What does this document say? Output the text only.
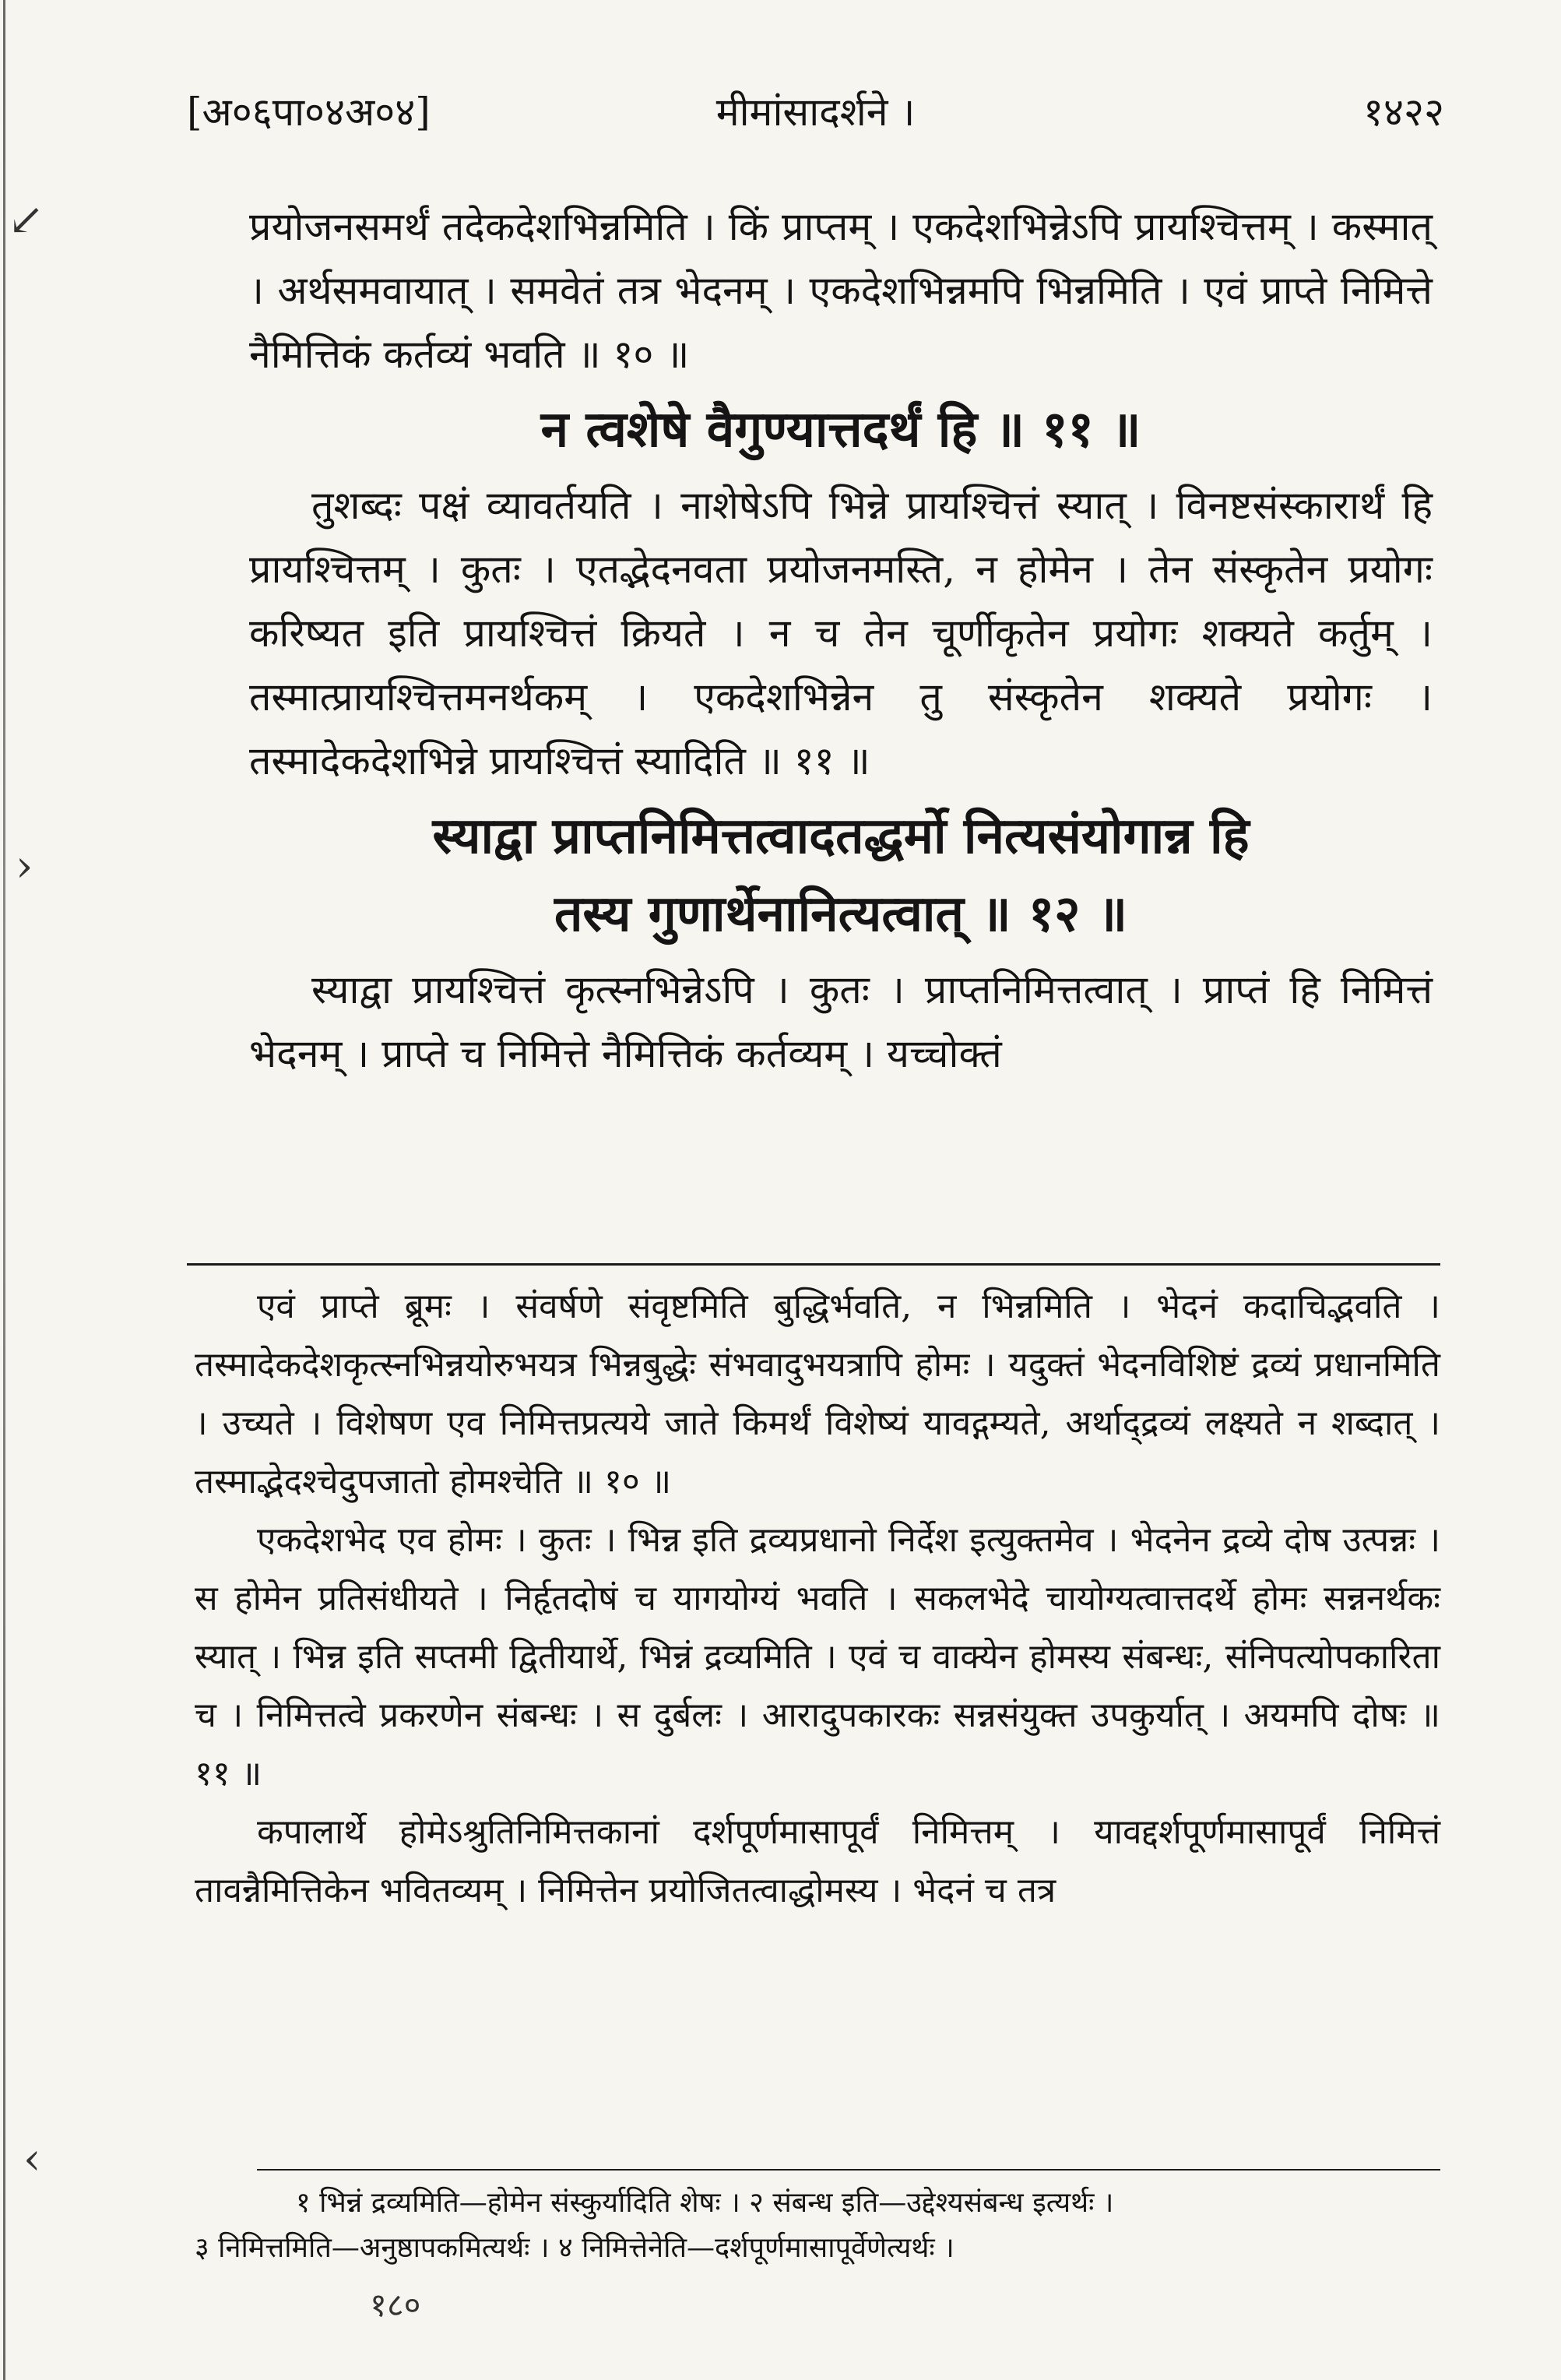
↙
›
‹
[अ०६पा०४अ०४]	मीमांसादर्शने ।	१४२२

प्रयोजनसमर्थं तदेकदेशभिन्नमिति । किं प्राप्तम् । एकदेशभिन्नेऽपि प्रायश्चित्तम् । कस्मात् । अर्थसमवायात् । समवेतं तत्र भेदनम् । एकदेशभिन्नमपि भिन्नमिति । एवं प्राप्ते निमित्ते नैमित्तिकं कर्तव्यं भवति ॥ १० ॥

न त्वशेषे वैगुण्यात्तदर्थं हि ॥ ११ ॥

तुशब्दः पक्षं व्यावर्तयति । नाशेषेऽपि भिन्ने प्रायश्चित्तं स्यात् । विनष्टसंस्कारार्थं हि प्रायश्चित्तम् । कुतः । एतद्भेदनवता प्रयोजनमस्ति, न होमेन । तेन संस्कृतेन प्रयोगः करिष्यत इति प्रायश्चित्तं क्रियते । न च तेन चूर्णीकृतेन प्रयोगः शक्यते कर्तुम् । तस्मात्प्रायश्चित्तमनर्थकम् । एकदेशभिन्नेन तु संस्कृतेन शक्यते प्रयोगः । तस्मादेकदेशभिन्ने प्रायश्चित्तं स्यादिति ॥ ११ ॥

स्याद्वा प्राप्तनिमित्तत्वादतद्धर्मो नित्यसंयोगान्न हि
तस्य गुणार्थेनानित्यत्वात् ॥ १२ ॥

स्याद्वा प्रायश्चित्तं कृत्स्नभिन्नेऽपि । कुतः । प्राप्तनिमित्तत्वात् । प्राप्तं हि निमित्तं भेदनम् । प्राप्ते च निमित्ते नैमित्तिकं कर्तव्यम् । यच्चोक्तं

एवं प्राप्ते ब्रूमः । संवर्षणे संवृष्टमिति बुद्धिर्भवति, न भिन्नमिति । भेदनं कदाचिद्भवति । तस्मादेकदेशकृत्स्नभिन्नयोरुभयत्र भिन्नबुद्धेः संभवादुभयत्रापि होमः । यदुक्तं भेदनविशिष्टं द्रव्यं प्रधानमिति । उच्यते । विशेषण एव निमित्तप्रत्यये जाते किमर्थं विशेष्यं यावद्गम्यते, अर्थाद्द्रव्यं लक्ष्यते न शब्दात् । तस्माद्भेदश्चेदुपजातो होमश्चेति ॥ १० ॥

एकदेशभेद एव होमः । कुतः । भिन्न इति द्रव्यप्रधानो निर्देश इत्युक्तमेव । भेदनेन द्रव्ये दोष उत्पन्नः । स होमेन प्रतिसंधीयते । निर्हृतदोषं च यागयोग्यं भवति । सकलभेदे चायोग्यत्वात्तदर्थे होमः सन्ननर्थकः स्यात् । भिन्न इति सप्तमी द्वितीयार्थे, भिन्नं द्रव्यमिति । एवं च वाक्येन होमस्य संबन्धः, संनिपत्योपकारिता च । निमित्तत्वे प्रकरणेन संबन्धः । स दुर्बलः । आरादुपकारकः सन्नसंयुक्त उपकुर्यात् । अयमपि दोषः ॥ ११ ॥

कपालार्थे होमेऽश्रुतिनिमित्तकानां दर्शपूर्णमासापूर्वं निमित्तम् । यावद्दर्शपूर्णमासापूर्वं निमित्तं तावन्नैमित्तिकेन भवितव्यम् । निमित्तेन प्रयोजितत्वाद्धोमस्य । भेदनं च तत्र

१ भिन्नं द्रव्यमिति—होमेन संस्कुर्यादिति शेषः । २ संबन्ध इति—उद्देश्यसंबन्ध इत्यर्थः ।
३ निमित्तमिति—अनुष्ठापकमित्यर्थः । ४ निमित्तेनेति—दर्शपूर्णमासापूर्वेणेत्यर्थः ।
१८०
